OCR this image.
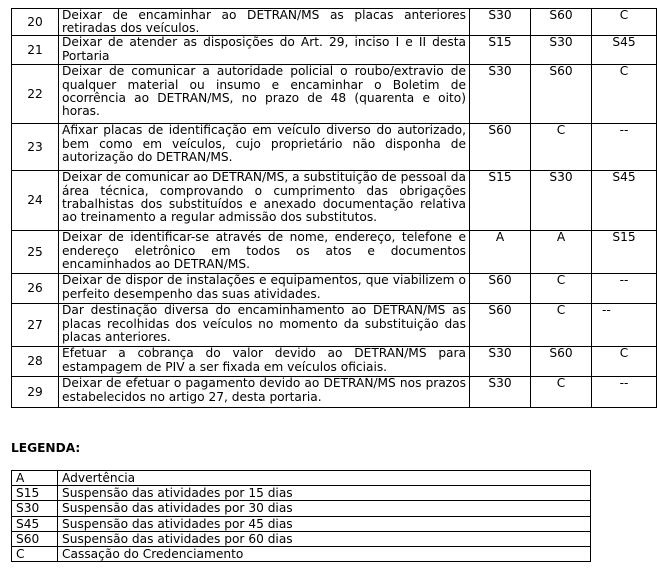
20	Deixar de encaminhar ao DETRAN/MS as placas anteriores retiradas dos veículos.	S30	S60	C
21	Deixar de atender as disposições do Art. 29, inciso I e II desta Portaria	S15	S30	S45
22	Deixar de comunicar a autoridade policial o roubo/extravio de qualquer material ou insumo e encaminhar o Boletim de ocorrência ao DETRAN/MS, no prazo de 48 (quarenta e oito) horas.	S30	S60	C
23	Afixar placas de identificação em veículo diverso do autorizado, bem como em veículos, cujo proprietário não disponha de autorização do DETRAN/MS.	S60	C	--
24	Deixar de comunicar ao DETRAN/MS, a substituição de pessoal da área técnica, comprovando o cumprimento das obrigações trabalhistas dos substituídos e anexado documentação relativa ao treinamento a regular admissão dos substitutos.	S15	S30	S45
25	Deixar de identificar-se através de nome, endereço, telefone e endereço eletrônico em todos os atos e documentos encaminhados ao DETRAN/MS.	A	A	S15
26	Deixar de dispor de instalações e equipamentos, que viabilizem o perfeito desempenho das suas atividades.	S60	C	--
27	Dar destinação diversa do encaminhamento ao DETRAN/MS as placas recolhidas dos veículos no momento da substituição das placas anteriores.	S60	C	--
28	Efetuar a cobrança do valor devido ao DETRAN/MS para estampagem de PIV a ser fixada em veículos oficiais.	S30	S60	C
29	Deixar de efetuar o pagamento devido ao DETRAN/MS nos prazos estabelecidos no artigo 27, desta portaria.	S30	C	--
LEGENDA:
A	Advertência
S15	Suspensão das atividades por 15 dias
S30	Suspensão das atividades por 30 dias
S45	Suspensão das atividades por 45 dias
S60	Suspensão das atividades por 60 dias
C	Cassação do Credenciamento
